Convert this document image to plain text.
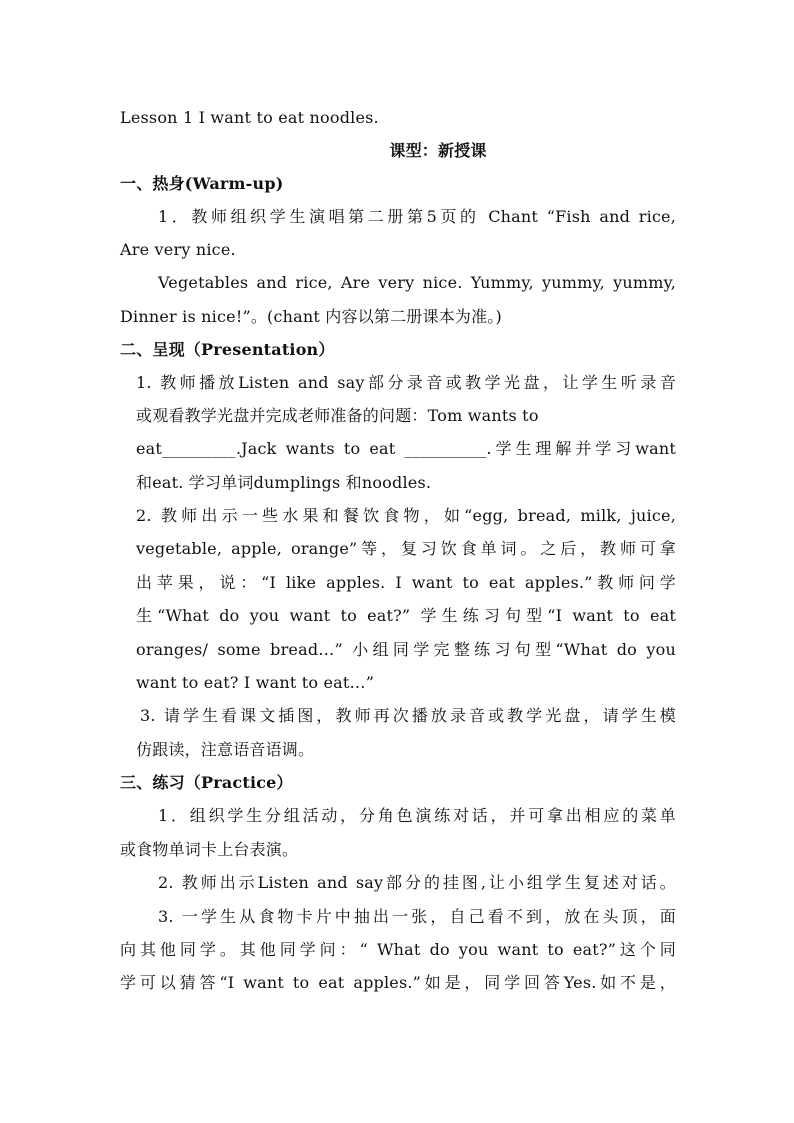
Lesson 1 I want to eat noodles.
课型：新授课
一、热身(Warm-up)
1．教师组织学生演唱第二册第5页的 Chant “Fish and rice,
Are very nice.
Vegetables and rice, Are very nice. Yummy, yummy, yummy,
Dinner is nice!”。(chant 内容以第二册课本为准。)
二、呈现（Presentation）
1. 教师播放Listen and say部分录音或教学光盘，让学生听录音
或观看教学光盘并完成老师准备的问题：Tom wants to
eat_________.Jack wants to eat __________.学生理解并学习want
和eat. 学习单词dumplings 和noodles.
2. 教师出示一些水果和餐饮食物，如“egg, bread, milk, juice,
vegetable, apple, orange”等，复习饮食单词。之后，教师可拿
出苹果，说：“I like apples. I want to eat apples.”教师问学
生“What do you want to eat?” 学生练习句型“I want to eat
oranges/ some bread…” 小组同学完整练习句型“What do you
want to eat? I want to eat…”
3. 请学生看课文插图，教师再次播放录音或教学光盘，请学生模
仿跟读，注意语音语调。
三、练习（Practice）
1．组织学生分组活动，分角色演练对话，并可拿出相应的菜单
或食物单词卡上台表演。
2. 教师出示Listen and say部分的挂图,让小组学生复述对话。
3. 一学生从食物卡片中抽出一张，自己看不到，放在头顶，面
向其他同学。其他同学问：“ What do you want to eat?”这个同
学可以猜答“I want to eat apples.”如是，同学回答Yes.如不是，
